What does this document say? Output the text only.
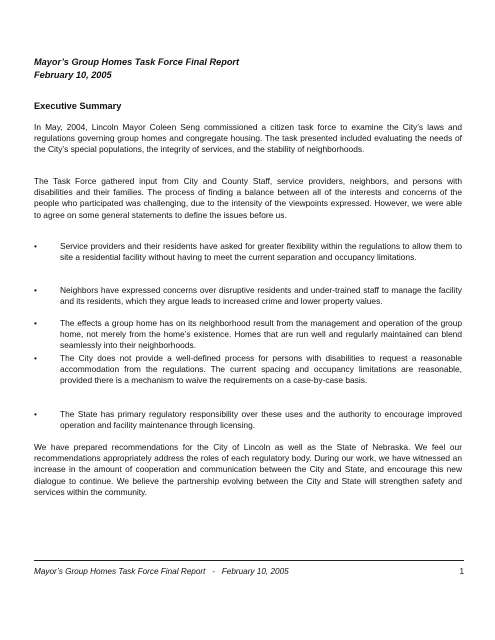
Mayor’s Group Homes Task Force Final Report
February 10, 2005
Executive Summary

In May, 2004, Lincoln Mayor Coleen Seng commissioned a citizen task force to examine the City’s laws and regulations governing group homes and congregate housing. The task presented included evaluating the needs of the City’s special populations, the integrity of services, and the stability of neighborhoods.

The Task Force gathered input from City and County Staff, service providers, neighbors, and persons with disabilities and their families. The process of finding a balance between all of the interests and concerns of the people who participated was challenging, due to the intensity of the viewpoints expressed. However, we were able to agree on some general statements to define the issues before us.

•	Service providers and their residents have asked for greater flexibility within the regulations to allow them to site a residential facility without having to meet the current separation and occupancy limitations.

•	Neighbors have expressed concerns over disruptive residents and under-trained staff to manage the facility and its residents, which they argue leads to increased crime and lower property values.

•	The effects a group home has on its neighborhood result from the management and operation of the group home, not merely from the home’s existence. Homes that are run well and regularly maintained can blend seamlessly into their neighborhoods.

•	The City does not provide a well-defined process for persons with disabilities to request a reasonable accommodation from the regulations. The current spacing and occupancy limitations are reasonable, provided there is a mechanism to waive the requirements on a case-by-case basis.

•	The State has primary regulatory responsibility over these uses and the authority to encourage improved operation and facility maintenance through licensing.

We have prepared recommendations for the City of Lincoln as well as the State of Nebraska. We feel our recommendations appropriately address the roles of each regulatory body. During our work, we have witnessed an increase in the amount of cooperation and communication between the City and State, and encourage this new dialogue to continue. We believe the partnership evolving between the City and State will strengthen safety and services within the community.

Mayor’s Group Homes Task Force Final Report   -   February 10, 2005	1
